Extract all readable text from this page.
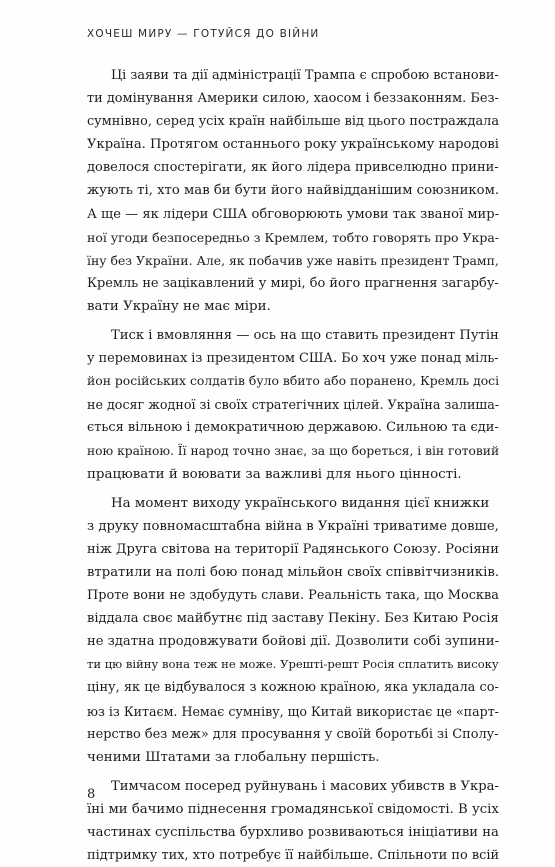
ХОЧЕШ МИРУ — ГОТУЙСЯ ДО ВІЙНИ
Ці заяви та дії адміністрації Трампа є спробою встанови-
ти домінування Америки силою, хаосом і беззаконням. Без-
сумнівно, серед усіх країн найбільше від цього постраждала
Україна. Протягом останнього року українському народові
довелося спостерігати, як його лідера привселюдно прини-
жують ті, хто мав би бути його найвідданішим союзником.
А ще — як лідери США обговорюють умови так званої мир-
ної угоди безпосередньо з Кремлем, тобто говорять про Укра-
їну без України. Але, як побачив уже навіть президент Трамп,
Кремль не зацікавлений у мирі, бо його прагнення загарбу-
вати Україну не має міри.
Тиск і вмовляння — ось на що ставить президент Путін
у перемовинах із президентом США. Бо хоч уже понад міль-
йон російських солдатів було вбито або поранено, Кремль досі
не досяг жодної зі своїх стратегічних цілей. Україна залиша-
ється вільною і демократичною державою. Сильною та єди-
ною країною. Її народ точно знає, за що бореться, і він готовий
працювати й воювати за важливі для нього цінності.
На момент виходу українського видання цієї книжки
з друку повномасштабна війна в Україні триватиме довше,
ніж Друга світова на території Радянського Союзу. Росіяни
втратили на полі бою понад мільйон своїх співвітчизників.
Проте вони не здобудуть слави. Реальність така, що Москва
віддала своє майбутнє під заставу Пекіну. Без Китаю Росія
не здатна продовжувати бойові дії. Дозволити собі зупини-
ти цю війну вона теж не може. Урешті-решт Росія сплатить високу
ціну, як це відбувалося з кожною країною, яка укладала со-
юз із Китаєм. Немає сумніву, що Китай використає це «парт-
нерство без меж» для просування у своїй боротьбі зі Сполу-
ченими Штатами за глобальну першість.
Тимчасом посеред руйнувань і масових убивств в Укра-
їні ми бачимо піднесення громадянської свідомості. В усіх
частинах суспільства бурхливо розвиваються ініціативи на
підтримку тих, хто потребує її найбільше. Спільноти по всій
8
